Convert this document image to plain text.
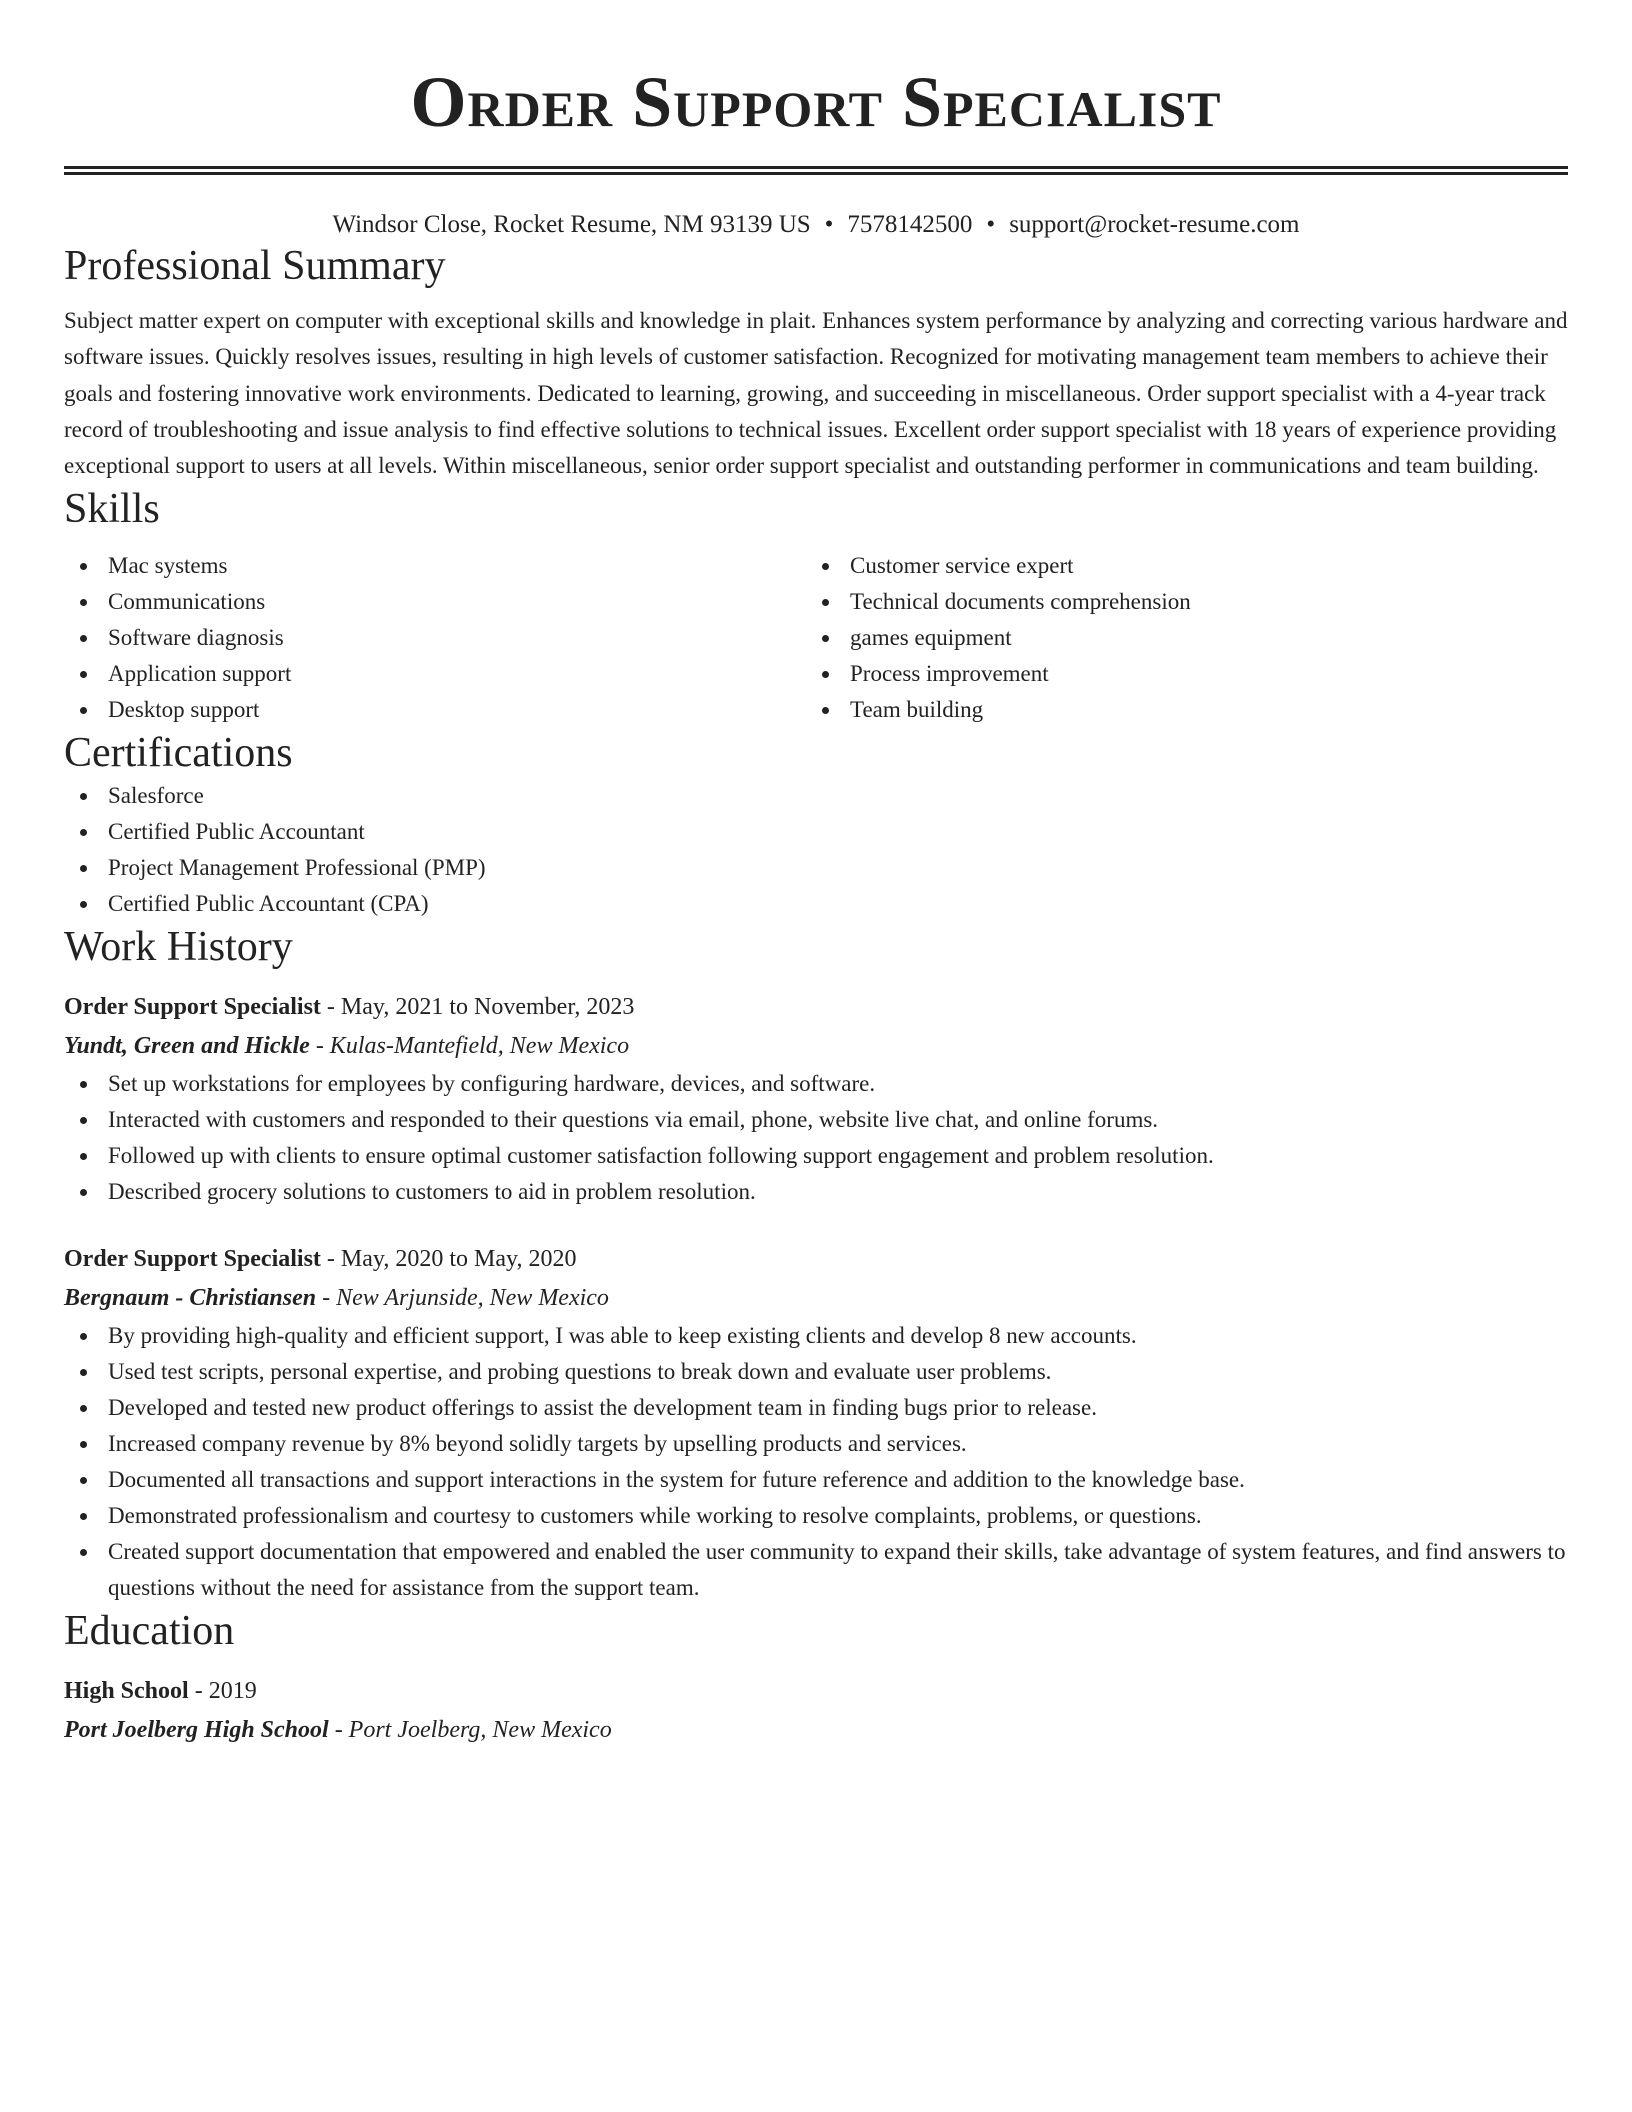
Order Support Specialist
Windsor Close, Rocket Resume, NM 93139 US • 7578142500 • support@rocket-resume.com
Professional Summary

Subject matter expert on computer with exceptional skills and knowledge in plait. Enhances system performance by analyzing and correcting various hardware and software issues. Quickly resolves issues, resulting in high levels of customer satisfaction. Recognized for motivating management team members to achieve their goals and fostering innovative work environments. Dedicated to learning, growing, and succeeding in miscellaneous. Order support specialist with a 4-year track record of troubleshooting and issue analysis to find effective solutions to technical issues. Excellent order support specialist with 18 years of experience providing exceptional support to users at all levels. Within miscellaneous, senior order support specialist and outstanding performer in communications and team building.

Skills
Mac systems
Communications
Software diagnosis
Application support
Desktop support
Customer service expert
Technical documents comprehension
games equipment
Process improvement
Team building
Certifications
Salesforce
Certified Public Accountant
Project Management Professional (PMP)
Certified Public Accountant (CPA)
Work History
Order Support Specialist - May, 2021 to November, 2023
Yundt, Green and Hickle - Kulas-Mantefield, New Mexico
Set up workstations for employees by configuring hardware, devices, and software.
Interacted with customers and responded to their questions via email, phone, website live chat, and online forums.
Followed up with clients to ensure optimal customer satisfaction following support engagement and problem resolution.
Described grocery solutions to customers to aid in problem resolution.
Order Support Specialist - May, 2020 to May, 2020
Bergnaum - Christiansen - New Arjunside, New Mexico
By providing high-quality and efficient support, I was able to keep existing clients and develop 8 new accounts.
Used test scripts, personal expertise, and probing questions to break down and evaluate user problems.
Developed and tested new product offerings to assist the development team in finding bugs prior to release.
Increased company revenue by 8% beyond solidly targets by upselling products and services.
Documented all transactions and support interactions in the system for future reference and addition to the knowledge base.
Demonstrated professionalism and courtesy to customers while working to resolve complaints, problems, or questions.
Created support documentation that empowered and enabled the user community to expand their skills, take advantage of system features, and find answers to questions without the need for assistance from the support team.
Education
High School - 2019
Port Joelberg High School - Port Joelberg, New Mexico
